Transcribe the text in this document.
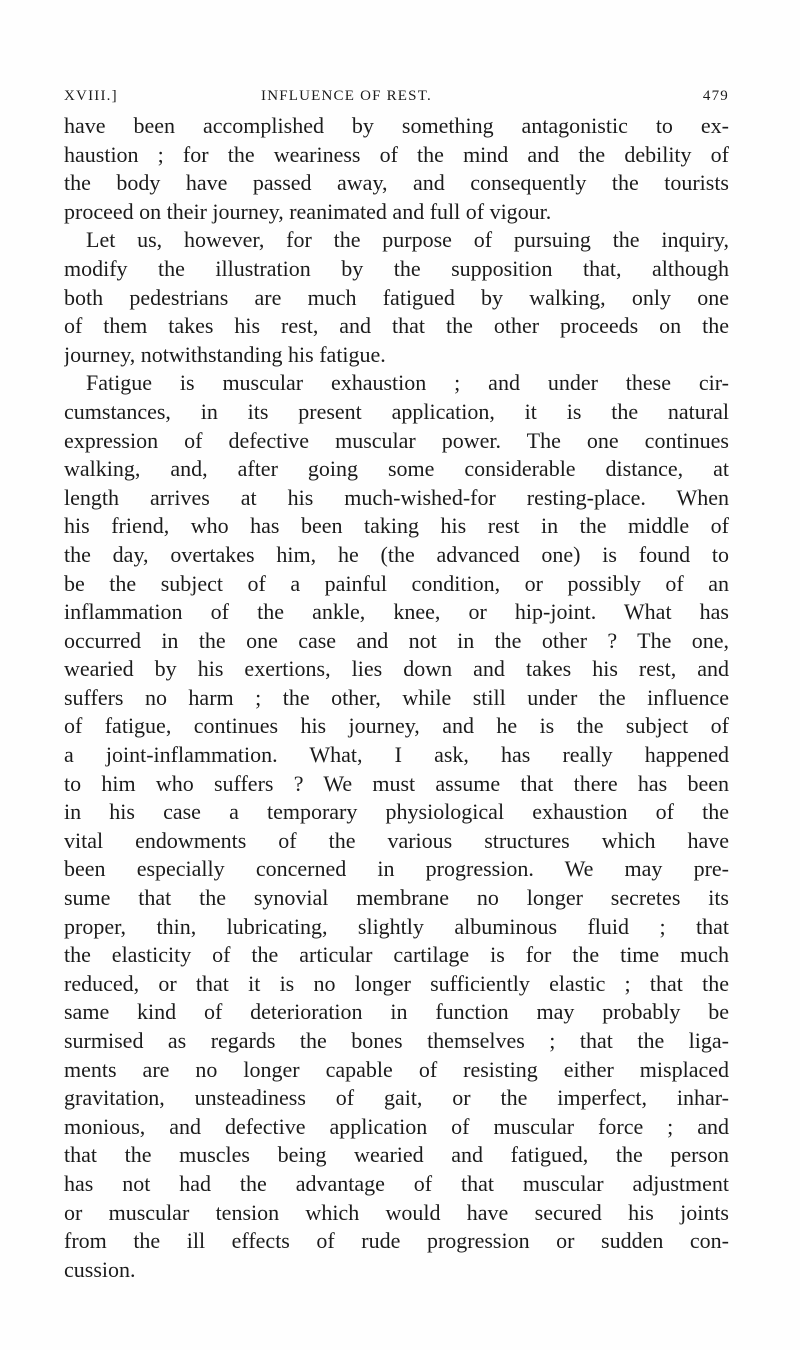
XVIII.]	INFLUENCE OF REST.	479
have been accomplished by something antagonistic to ex-
haustion ; for the weariness of the mind and the debility of
the body have passed away, and consequently the tourists
proceed on their journey, reanimated and full of vigour.
Let us, however, for the purpose of pursuing the inquiry,
modify the illustration by the supposition that, although
both pedestrians are much fatigued by walking, only one
of them takes his rest, and that the other proceeds on the
journey, notwithstanding his fatigue.
Fatigue is muscular exhaustion ; and under these cir-
cumstances, in its present application, it is the natural
expression of defective muscular power. The one continues
walking, and, after going some considerable distance, at
length arrives at his much-wished-for resting-place. When
his friend, who has been taking his rest in the middle of
the day, overtakes him, he (the advanced one) is found to
be the subject of a painful condition, or possibly of an
inflammation of the ankle, knee, or hip-joint. What has
occurred in the one case and not in the other ? The one,
wearied by his exertions, lies down and takes his rest, and
suffers no harm ; the other, while still under the influence
of fatigue, continues his journey, and he is the subject of
a joint-inflammation. What, I ask, has really happened
to him who suffers ? We must assume that there has been
in his case a temporary physiological exhaustion of the
vital endowments of the various structures which have
been especially concerned in progression. We may pre-
sume that the synovial membrane no longer secretes its
proper, thin, lubricating, slightly albuminous fluid ; that
the elasticity of the articular cartilage is for the time much
reduced, or that it is no longer sufficiently elastic ; that the
same kind of deterioration in function may probably be
surmised as regards the bones themselves ; that the liga-
ments are no longer capable of resisting either misplaced
gravitation, unsteadiness of gait, or the imperfect, inhar-
monious, and defective application of muscular force ; and
that the muscles being wearied and fatigued, the person
has not had the advantage of that muscular adjustment
or muscular tension which would have secured his joints
from the ill effects of rude progression or sudden con-
cussion.
